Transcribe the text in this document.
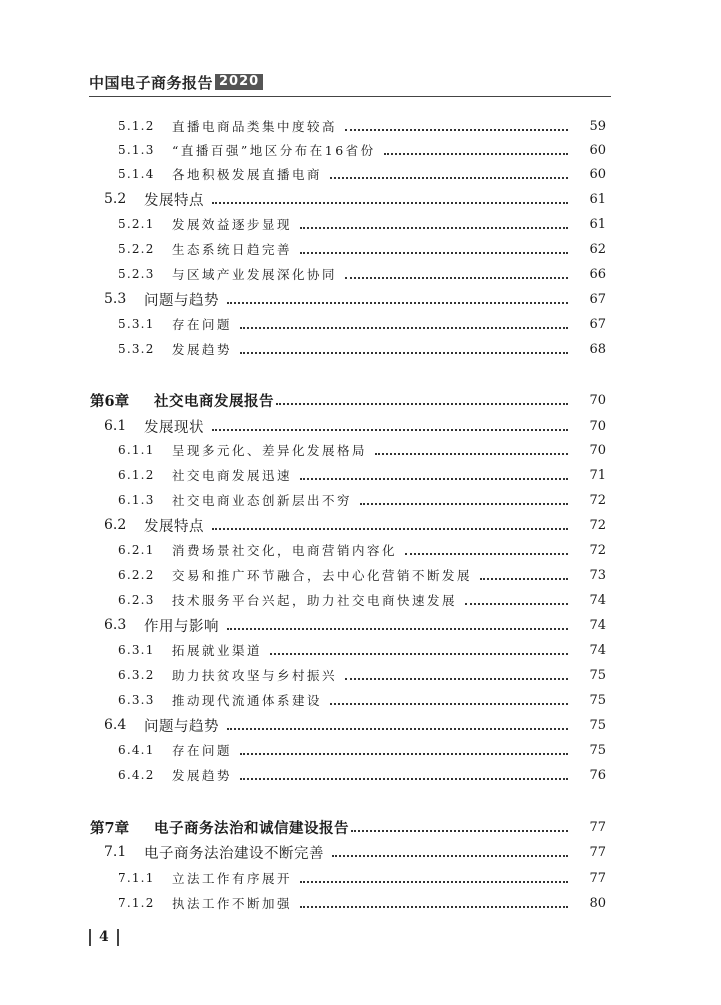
中国电子商务报告 2020
5.1.2	直播电商品类集中度较高	59
5.1.3	“直播百强”地区分布在16省份	60
5.1.4	各地积极发展直播电商	60
5.2	发展特点	61
5.2.1	发展效益逐步显现	61
5.2.2	生态系统日趋完善	62
5.2.3	与区域产业发展深化协同	66
5.3	问题与趋势	67
5.3.1	存在问题	67
5.3.2	发展趋势	68
第6章	社交电商发展报告	70
6.1	发展现状	70
6.1.1	呈现多元化、差异化发展格局	70
6.1.2	社交电商发展迅速	71
6.1.3	社交电商业态创新层出不穷	72
6.2	发展特点	72
6.2.1	消费场景社交化，电商营销内容化	72
6.2.2	交易和推广环节融合，去中心化营销不断发展	73
6.2.3	技术服务平台兴起，助力社交电商快速发展	74
6.3	作用与影响	74
6.3.1	拓展就业渠道	74
6.3.2	助力扶贫攻坚与乡村振兴	75
6.3.3	推动现代流通体系建设	75
6.4	问题与趋势	75
6.4.1	存在问题	75
6.4.2	发展趋势	76
第7章	电子商务法治和诚信建设报告	77
7.1	电子商务法治建设不断完善	77
7.1.1	立法工作有序展开	77
7.1.2	执法工作不断加强	80
4
